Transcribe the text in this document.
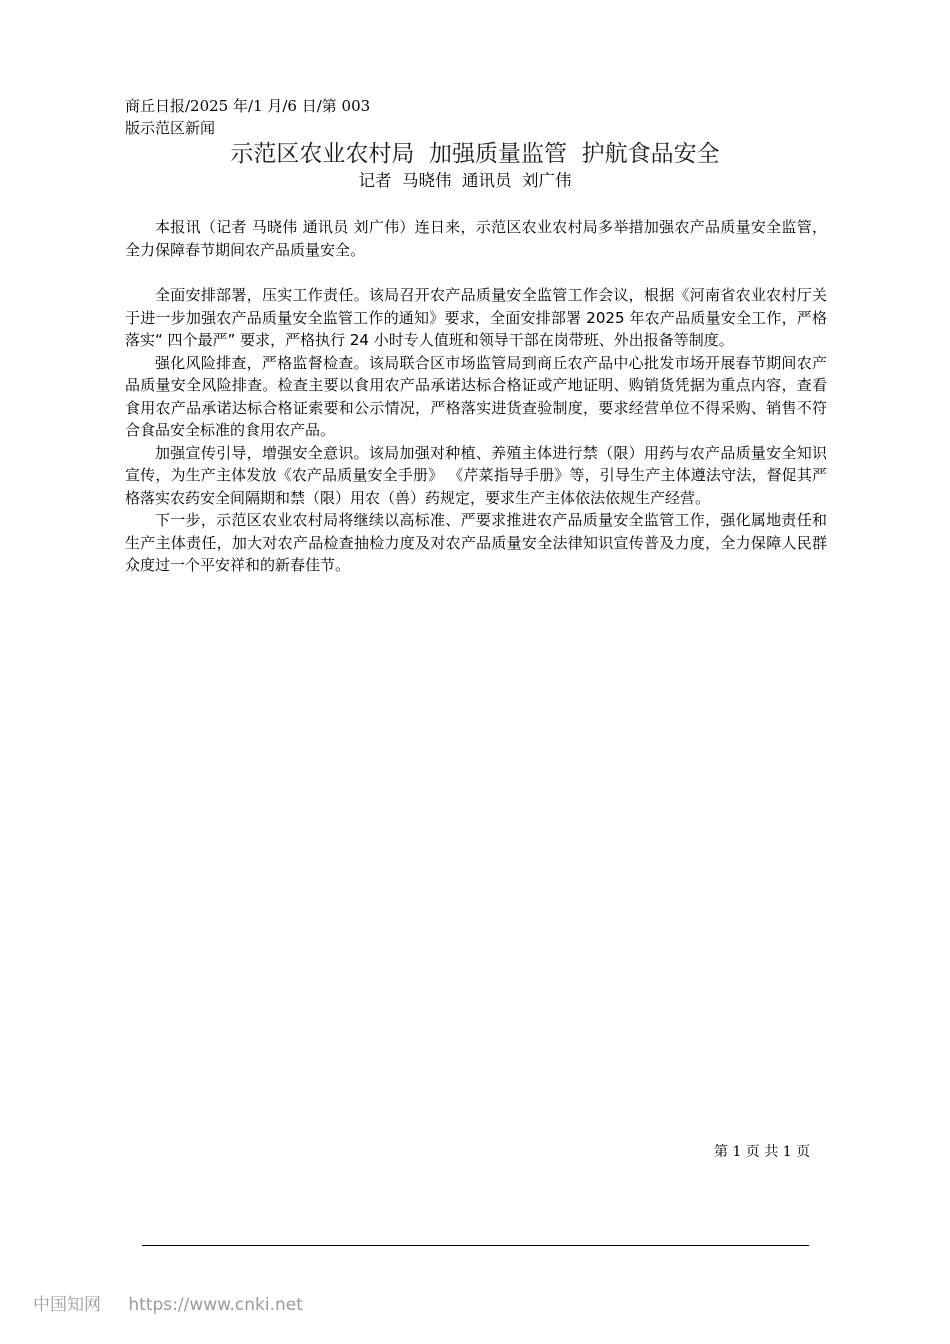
商丘日报/2025 年/1 月/6 日/第 003
版示范区新闻
示范区农业农村局  加强质量监管  护航食品安全
记者  马晓伟  通讯员  刘广伟

本报讯（记者 马晓伟 通讯员 刘广伟）连日来，示范区农业农村局多举措加强农产品质量安全监管，全力保障春节期间农产品质量安全。

全面安排部署，压实工作责任。该局召开农产品质量安全监管工作会议，根据《河南省农业农村厅关于进一步加强农产品质量安全监管工作的通知》要求，全面安排部署 2025 年农产品质量安全工作，严格落实“ 四个最严” 要求，严格执行 24 小时专人值班和领导干部在岗带班、外出报备等制度。

强化风险排查，严格监督检查。该局联合区市场监管局到商丘农产品中心批发市场开展春节期间农产品质量安全风险排查。检查主要以食用农产品承诺达标合格证或产地证明、购销货凭据为重点内容，查看食用农产品承诺达标合格证索要和公示情况，严格落实进货查验制度，要求经营单位不得采购、销售不符合食品安全标准的食用农产品。

加强宣传引导，增强安全意识。该局加强对种植、养殖主体进行禁（限）用药与农产品质量安全知识宣传，为生产主体发放《农产品质量安全手册》 《芹菜指导手册》等，引导生产主体遵法守法，督促其严格落实农药安全间隔期和禁（限）用农（兽）药规定，要求生产主体依法依规生产经营。

下一步，示范区农业农村局将继续以高标准、严要求推进农产品质量安全监管工作，强化属地责任和生产主体责任，加大对农产品检查抽检力度及对农产品质量安全法律知识宣传普及力度，全力保障人民群众度过一个平安祥和的新春佳节。

第 1 页 共 1 页
中国知网 https://www.cnki.net
